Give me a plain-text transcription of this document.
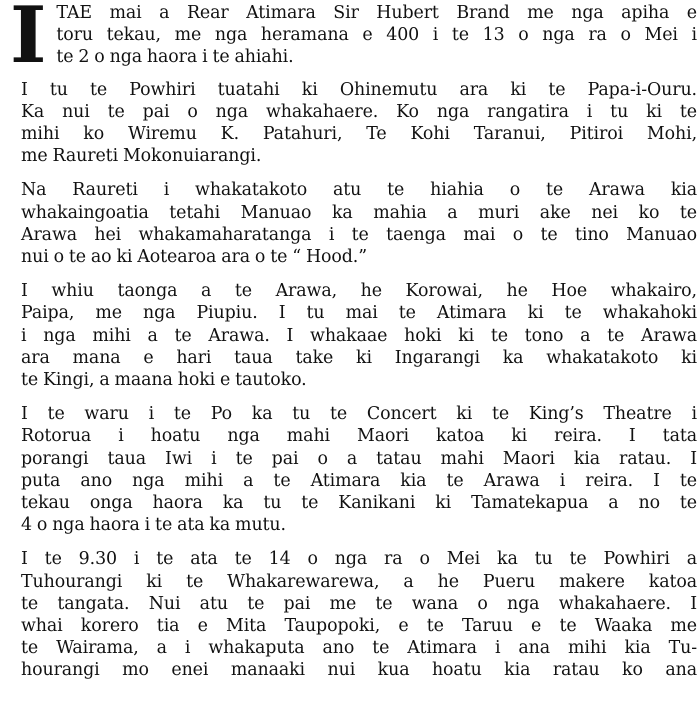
I TAE mai a Rear Atimara Sir Hubert Brand me nga apiha e
toru tekau, me nga heramana e 400 i te 13 o nga ra o Mei i
te 2 o nga haora i te ahiahi.

I tu te Powhiri tuatahi ki Ohinemutu ara ki te Papa-i-Ouru.
Ka nui te pai o nga whakahaere. Ko nga rangatira i tu ki te
mihi ko Wiremu K. Patahuri, Te Kohi Taranui, Pitiroi Mohi,
me Raureti Mokonuiarangi.

Na Raureti i whakatakoto atu te hiahia o te Arawa kia
whakaingoatia tetahi Manuao ka mahia a muri ake nei ko te
Arawa hei whakamaharatanga i te taenga mai o te tino Manuao
nui o te ao ki Aotearoa ara o te “ Hood.”

I whiu taonga a te Arawa, he Korowai, he Hoe whakairo,
Paipa, me nga Piupiu. I tu mai te Atimara ki te whakahoki
i nga mihi a te Arawa. I whakaae hoki ki te tono a te Arawa
ara mana e hari taua take ki Ingarangi ka whakatakoto ki
te Kingi, a maana hoki e tautoko.

I te waru i te Po ka tu te Concert ki te King’s Theatre i
Rotorua i hoatu nga mahi Maori katoa ki reira. I tata
porangi taua Iwi i te pai o a tatau mahi Maori kia ratau. I
puta ano nga mihi a te Atimara kia te Arawa i reira. I te
tekau onga haora ka tu te Kanikani ki Tamatekapua a no te
4 o nga haora i te ata ka mutu.

I te 9.30 i te ata te 14 o nga ra o Mei ka tu te Powhiri a
Tuhourangi ki te Whakarewarewa, a he Pueru makere katoa
te tangata. Nui atu te pai me te wana o nga whakahaere. I
whai korero tia e Mita Taupopoki, e te Taruu e te Waaka me
te Wairama, a i whakaputa ano te Atimara i ana mihi kia Tu-
hourangi mo enei manaaki nui kua hoatu kia ratau ko ana
